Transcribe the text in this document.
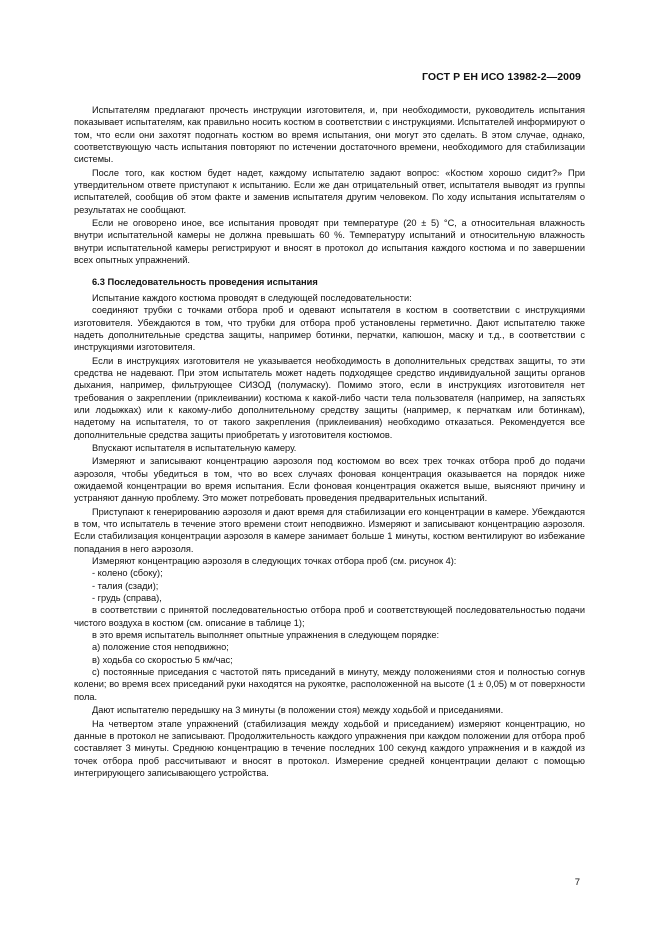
ГОСТ Р ЕН ИСО 13982-2—2009

Испытателям предлагают прочесть инструкции изготовителя, и, при необходимости, руководитель испытания показывает испытателям, как правильно носить костюм в соответствии с инструкциями. Испытателей информируют о том, что если они захотят подогнать костюм во время испытания, они могут это сделать. В этом случае, однако, соответствующую часть испытания повторяют по истечении достаточного времени, необходимого для стабилизации системы.

После того, как костюм будет надет, каждому испытателю задают вопрос: «Костюм хорошо сидит?» При утвердительном ответе приступают к испытанию. Если же дан отрицательный ответ, испытателя выводят из группы испытателей, сообщив об этом факте и заменив испытателя другим человеком. По ходу испытания испытателям о результатах не сообщают.

Если не оговорено иное, все испытания проводят при температуре (20 ± 5) °С, а относительная влажность внутри испытательной камеры не должна превышать 60 %. Температуру испытаний и относительную влажность внутри испытательной камеры регистрируют и вносят в протокол до испытания каждого костюма и по завершении всех опытных упражнений.

6.3 Последовательность проведения испытания

Испытание каждого костюма проводят в следующей последовательности:

соединяют трубки с точками отбора проб и одевают испытателя в костюм в соответствии с инструкциями изготовителя. Убеждаются в том, что трубки для отбора проб установлены герметично. Дают испытателю также надеть дополнительные средства защиты, например ботинки, перчатки, капюшон, маску и т.д., в соответствии с инструкциями изготовителя.

Если в инструкциях изготовителя не указывается необходимость в дополнительных средствах защиты, то эти средства не надевают. При этом испытатель может надеть подходящее средство индивидуальной защиты органов дыхания, например, фильтрующее СИЗОД (полумаску). Помимо этого, если в инструкциях изготовителя нет требования о закреплении (приклеивании) костюма к какой-либо части тела пользователя (например, на запястьях или лодыжках) или к какому-либо дополнительному средству защиты (например, к перчаткам или ботинкам), надетому на испытателя, то от такого закрепления (приклеивания) необходимо отказаться. Рекомендуется все дополнительные средства защиты приобретать у изготовителя костюмов.

Впускают испытателя в испытательную камеру.

Измеряют и записывают концентрацию аэрозоля под костюмом во всех трех точках отбора проб до подачи аэрозоля, чтобы убедиться в том, что во всех случаях фоновая концентрация оказывается на порядок ниже ожидаемой концентрации во время испытания. Если фоновая концентрация окажется выше, выясняют причину и устраняют данную проблему. Это может потребовать проведения предварительных испытаний.

Приступают к генерированию аэрозоля и дают время для стабилизации его концентрации в камере. Убеждаются в том, что испытатель в течение этого времени стоит неподвижно. Измеряют и записывают концентрацию аэрозоля. Если стабилизация концентрации аэрозоля в камере занимает больше 1 минуты, костюм вентилируют во избежание попадания в него аэрозоля.

Измеряют концентрацию аэрозоля в следующих точках отбора проб (см. рисунок 4):

- колено (сбоку);

- талия (сзади);

- грудь (справа),

в соответствии с принятой последовательностью отбора проб и соответствующей последовательностью подачи чистого воздуха в костюм (см. описание в таблице 1);

в это время испытатель выполняет опытные упражнения в следующем порядке:

а) положение стоя неподвижно;

в) ходьба со скоростью 5 км/час;

с) постоянные приседания с частотой пять приседаний в минуту, между положениями стоя и полностью согнув колени; во время всех приседаний руки находятся на рукоятке, расположенной на высоте (1 ± 0,05) м от поверхности пола.

Дают испытателю передышку на 3 минуты (в положении стоя) между ходьбой и приседаниями.

На четвертом этапе упражнений (стабилизация между ходьбой и приседанием) измеряют концентрацию, но данные в протокол не записывают. Продолжительность каждого упражнения при каждом положении для отбора проб составляет 3 минуты. Среднюю концентрацию в течение последних 100 секунд каждого упражнения и в каждой из точек отбора проб рассчитывают и вносят в протокол. Измерение средней концентрации делают с помощью интегрирующего записывающего устройства.

7
